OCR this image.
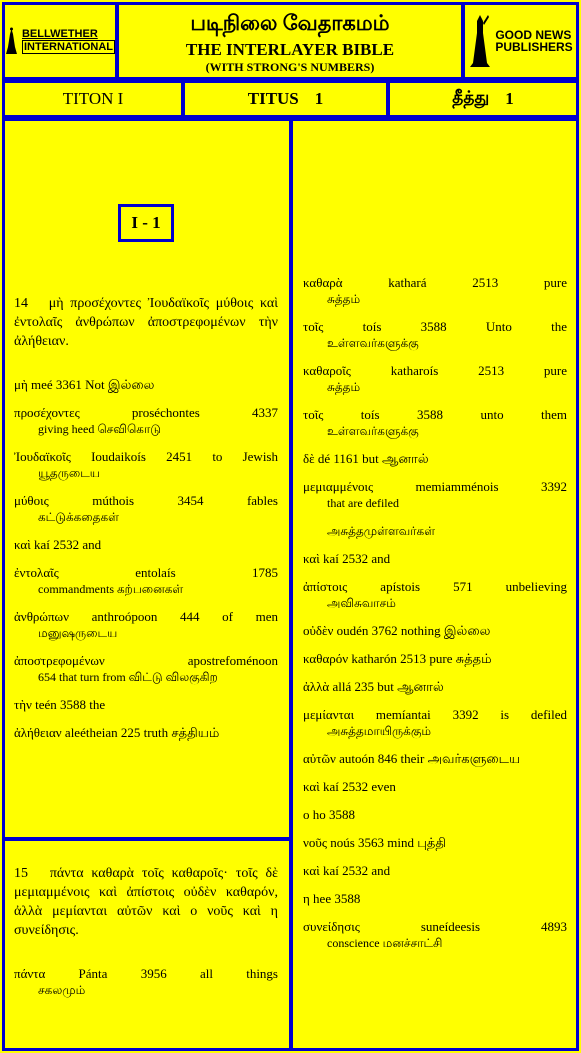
BELLWETHER
INTERNATIONAL
படிநிலை வேதாகமம்
THE INTERLAYER BIBLE
(WITH STRONG'S NUMBERS)
GOOD NEWS
PUBLISHERS
TITON I	TITUS 1	தீத்து 1
I - 1
14 μὴ προσέχοντες Ἰουδαϊκοῖς μύθοις καὶ ἐντολαῖς ἀνθρώπων ἀποστρεφομένων τὴν ἀλήθειαν.
μὴ meé 3361 Not இல்லை
προσέχοντες proséchontes 4337
giving heed செவிகொடு
Ἰουδαϊκοῖς Ioudaikoís 2451 to Jewish
யூதருடைய
μύθοις múthois 3454 fables
கட்டுக்கதைகள்
καὶ kaí 2532 and
ἐντολαῖς entolaís 1785
commandments கற்பனைகள்
ἀνθρώπων anthroópoon 444 of men
மனுஷருடைய
ἀποστρεφομένων apostrefoménoon
654 that turn from விட்டு விலகுகிற
τὴν teén 3588 the
ἀλήθειαν aleétheian 225 truth சத்தியம்
15 πάντα καθαρὰ τοῖς καθαροῖς· τοῖς δὲ μεμιαμμένοις καὶ ἀπίστοις οὐδὲν καθαρόν, ἀλλὰ μεμίανται αὐτῶν καὶ ο νοῦς καὶ η συνείδησις.
πάντα Pánta 3956 all things
சகலமும்
καθαρὰ kathará 2513 pure
சுத்தம்
τοῖς toís 3588 Unto the
உள்ளவர்களுக்கு
καθαροῖς katharoís 2513 pure
சுத்தம்
τοῖς toís 3588 unto them
உள்ளவர்களுக்கு
δὲ dé 1161 but ஆனால்
μεμιαμμένοις memiamménois 3392
that are defiled
அசுத்தமுள்ளவர்கள்
καὶ kaí 2532 and
ἀπίστοις apístois 571 unbelieving
அவிசுவாசம்
οὐδὲν oudén 3762 nothing இல்லை
καθαρόν katharón 2513 pure சுத்தம்
ἀλλὰ allá 235 but ஆனால்
μεμίανται memíantai 3392 is defiled
அசுத்தமாயிருக்கும்
αὐτῶν autoón 846 their அவர்களுடைய
καὶ kaí 2532 even
ο ho 3588
νοῦς noús 3563 mind புத்தி
καὶ kaí 2532 and
η hee 3588
συνείδησις suneídeesis 4893
conscience மனச்சாட்சி
